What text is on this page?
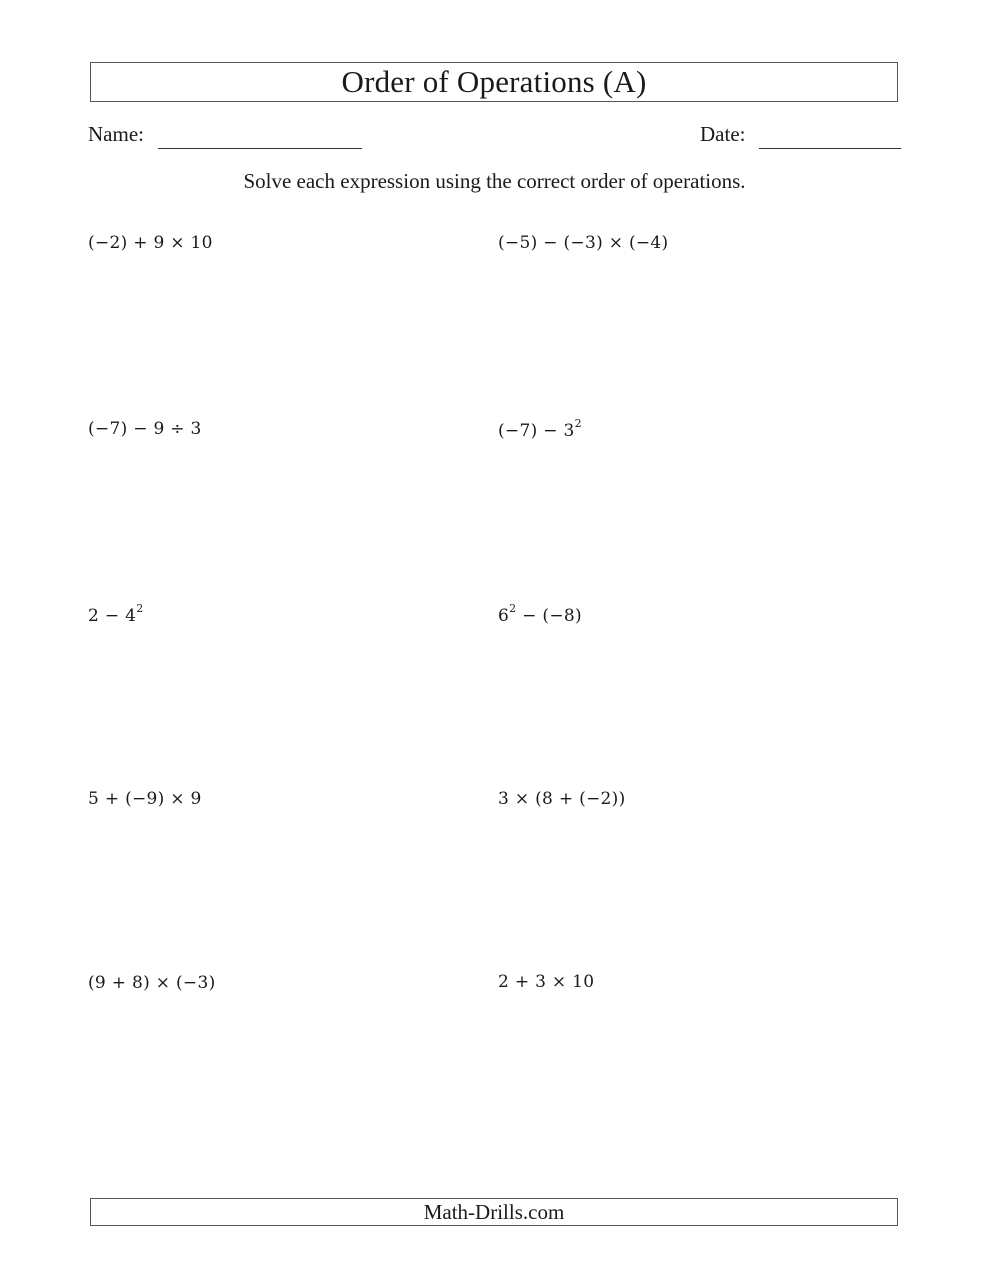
Order of Operations (A)
Name:	Date:
Solve each expression using the correct order of operations.
(−2) + 9 × 10	(−5) − (−3) × (−4)
(−7) − 9 ÷ 3	$(-7) - 3^2$
$2 - 4^2$	$6^2 - (-8)$
5 + (−9) × 9	3 × (8 + (−2))
(9 + 8) × (−3)	2 + 3 × 10
Math-Drills.com
